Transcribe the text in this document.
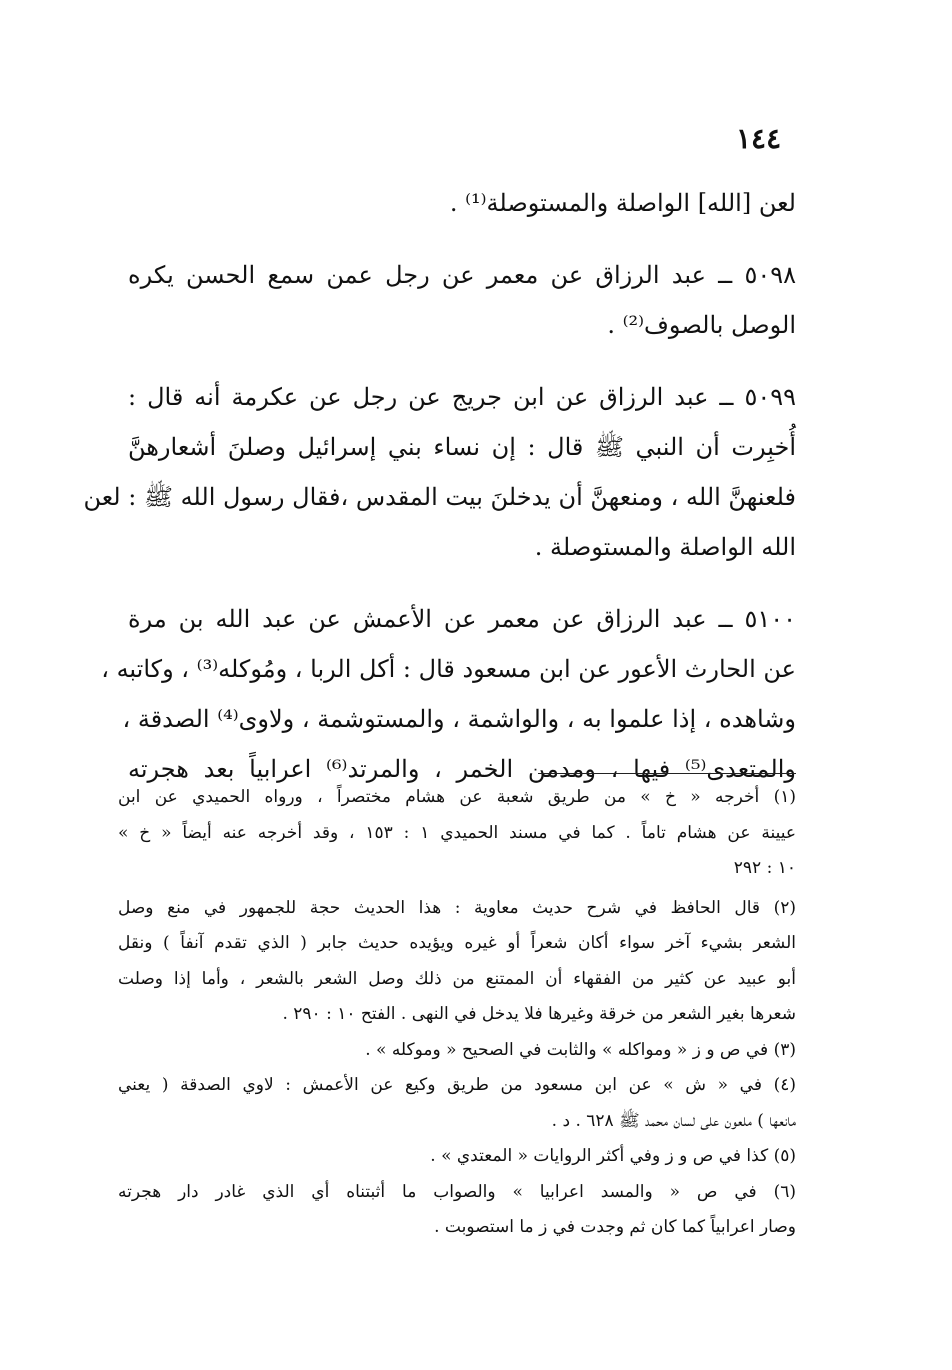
١٤٤
لعن [الله] الواصلة والمستوصلة⁽¹⁾ .
٥٠٩٨ ــ عبد الرزاق عن معمر عن رجل عمن سمع الحسن يكره
الوصل بالصوف⁽²⁾ .
٥٠٩٩ ــ عبد الرزاق عن ابن جريج عن رجل عن عكرمة أنه قال :
أُخبِرت أن النبي ﷺ قال : إن نساء بني إسرائيل وصلنَ أشعارهنَّ
فلعنهنَّ الله ، ومنعهنَّ أن يدخلنَ بيت المقدس ،فقال رسول الله ﷺ : لعن
الله الواصلة والمستوصلة .
٥١٠٠ ــ عبد الرزاق عن معمر عن الأعمش عن عبد الله بن مرة
عن الحارث الأعور عن ابن مسعود قال : أكل الربا ، ومُوكله⁽³⁾ ، وكاتبه ،
وشاهده ، إذا علموا به ، والواشمة ، والمستوشمة ، ولاوى⁽⁴⁾ الصدقة ،
والمتعدى⁽⁵⁾ فيها ، ومدمن الخمر ، والمرتد⁽⁶⁾ اعرابياً بعد هجرته
(١) أخرجه « خ » من طريق شعبة عن هشام مختصراً ، ورواه الحميدي عن ابن
عيينة عن هشام تاماً . كما في مسند الحميدي ١ : ١٥٣ ، وقد أخرجه عنه أيضاً « خ »
١٠ : ٢٩٢
(٢) قال الحافظ في شرح حديث معاوية : هذا الحديث حجة للجمهور في منع وصل
الشعر بشيء آخر سواء أكان شعراً أو غيره ويؤيده حديث جابر ( الذي تقدم آنفاً ) ونقل
أبو عبيد عن كثير من الفقهاء أن الممتنع من ذلك وصل الشعر بالشعر ، وأما إذا وصلت
شعرها بغير الشعر من خرقة وغيرها فلا يدخل في النهى . الفتح ١٠ : ٢٩٠ .
(٣) في ص و ز « ومواكله » والثابت في الصحيح « وموكله » .
(٤) في « ش » عن ابن مسعود من طريق وكيع عن الأعمش : لاوي الصدقة ( يعني
مانعها ) ملعون على لسان محمد ﷺ ٦٢٨ . د .
(٥) كذا في ص و ز وفي أكثر الروايات « المعتدي » .
(٦) في ص « والمسد اعرابيا » والصواب ما أثبتناه أي الذي غادر دار هجرته
وصار اعرابياً كما كان ثم وجدت في ز ما استصوبت .
